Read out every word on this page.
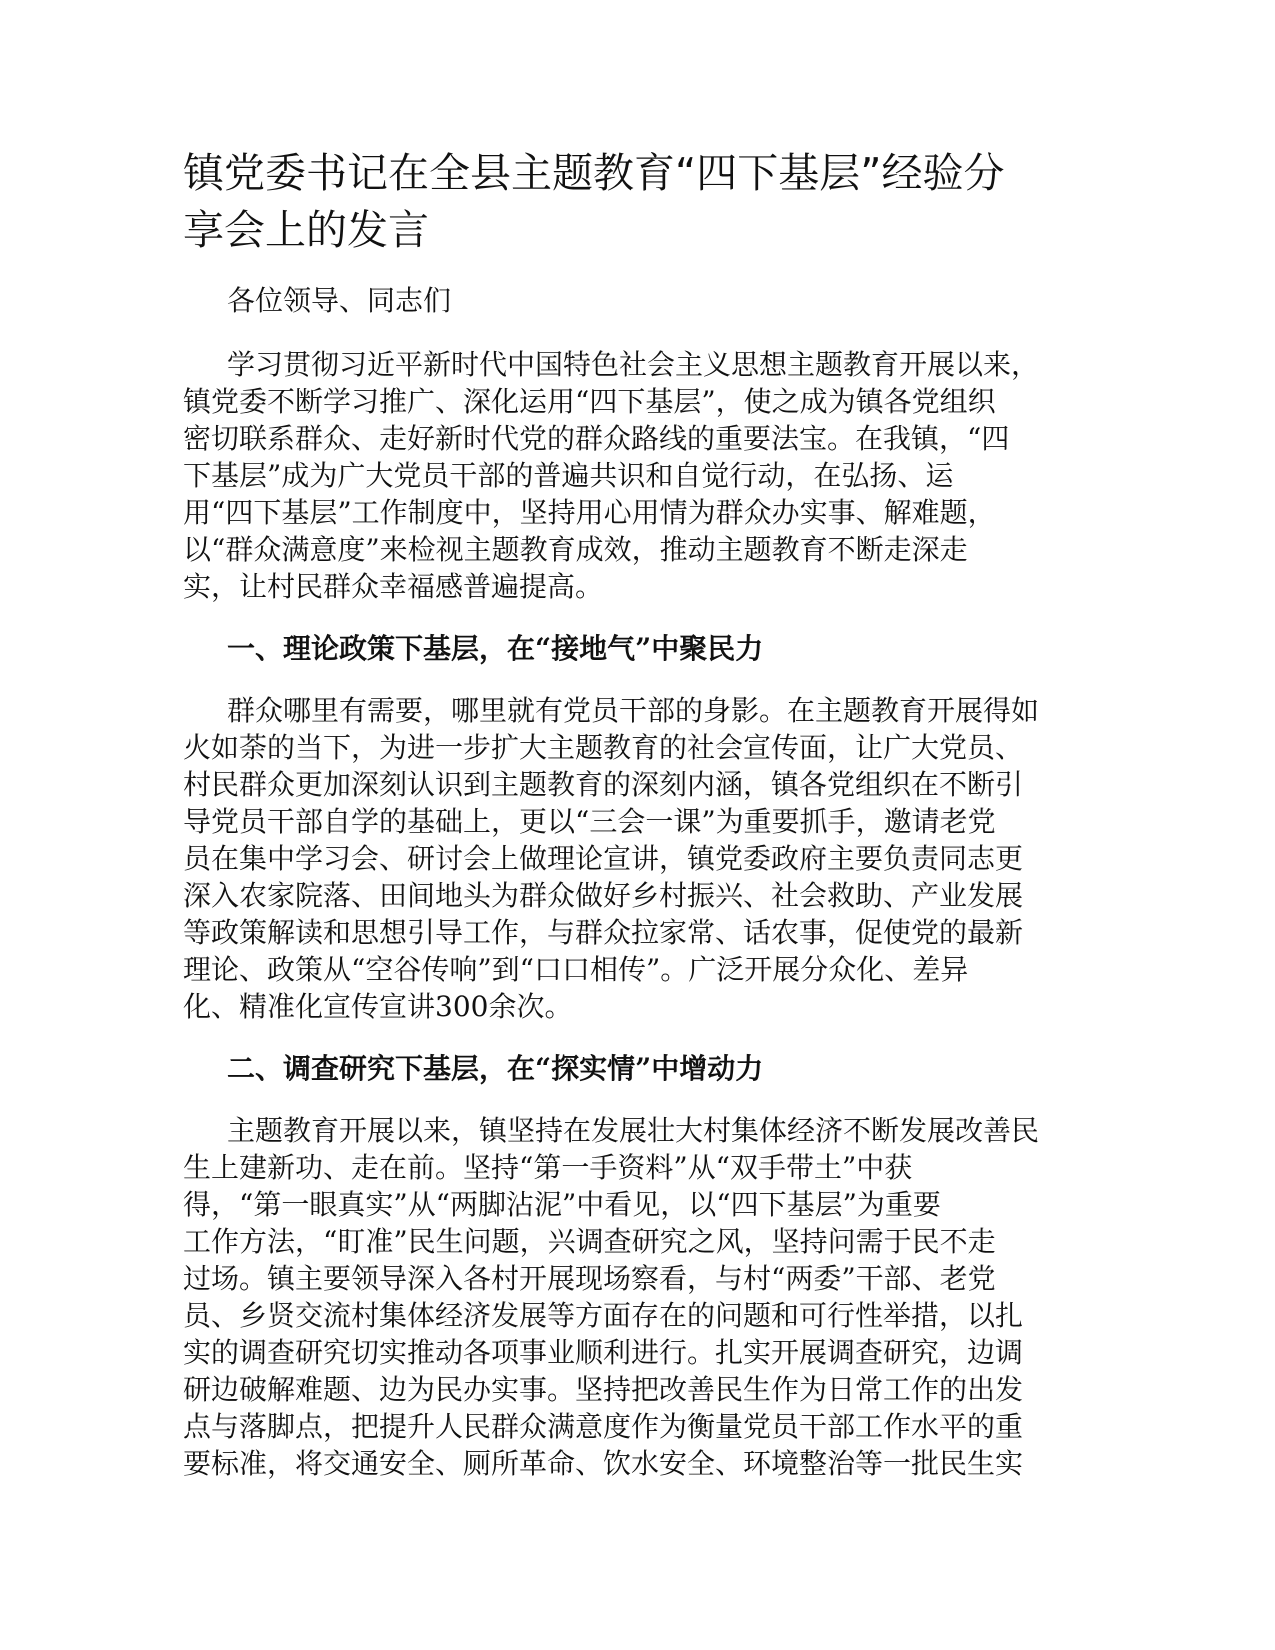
镇党委书记在全县主题教育“四下基层”经验分
享会上的发言

各位领导、同志们

学习贯彻习近平新时代中国特色社会主义思想主题教育开展以来，
镇党委不断学习推广、深化运用“四下基层”，使之成为镇各党组织
密切联系群众、走好新时代党的群众路线的重要法宝。在我镇，“四
下基层”成为广大党员干部的普遍共识和自觉行动，在弘扬、运
用“四下基层”工作制度中，坚持用心用情为群众办实事、解难题，
以“群众满意度”来检视主题教育成效，推动主题教育不断走深走
实，让村民群众幸福感普遍提高。
一、理论政策下基层，在“接地气”中聚民力
群众哪里有需要，哪里就有党员干部的身影。在主题教育开展得如
火如荼的当下，为进一步扩大主题教育的社会宣传面，让广大党员、
村民群众更加深刻认识到主题教育的深刻内涵，镇各党组织在不断引
导党员干部自学的基础上，更以“三会一课”为重要抓手，邀请老党
员在集中学习会、研讨会上做理论宣讲，镇党委政府主要负责同志更
深入农家院落、田间地头为群众做好乡村振兴、社会救助、产业发展
等政策解读和思想引导工作，与群众拉家常、话农事，促使党的最新
理论、政策从“空谷传响”到“口口相传”。广泛开展分众化、差异
化、精准化宣传宣讲300余次。
二、调查研究下基层，在“探实情”中增动力
主题教育开展以来，镇坚持在发展壮大村集体经济不断发展改善民
生上建新功、走在前。坚持“第一手资料”从“双手带土”中获
得，“第一眼真实”从“两脚沾泥”中看见，以“四下基层”为重要
工作方法，“盯准”民生问题，兴调查研究之风，坚持问需于民不走
过场。镇主要领导深入各村开展现场察看，与村“两委”干部、老党
员、乡贤交流村集体经济发展等方面存在的问题和可行性举措，以扎
实的调查研究切实推动各项事业顺利进行。扎实开展调查研究，边调
研边破解难题、边为民办实事。坚持把改善民生作为日常工作的出发
点与落脚点，把提升人民群众满意度作为衡量党员干部工作水平的重
要标准，将交通安全、厕所革命、饮水安全、环境整治等一批民生实
